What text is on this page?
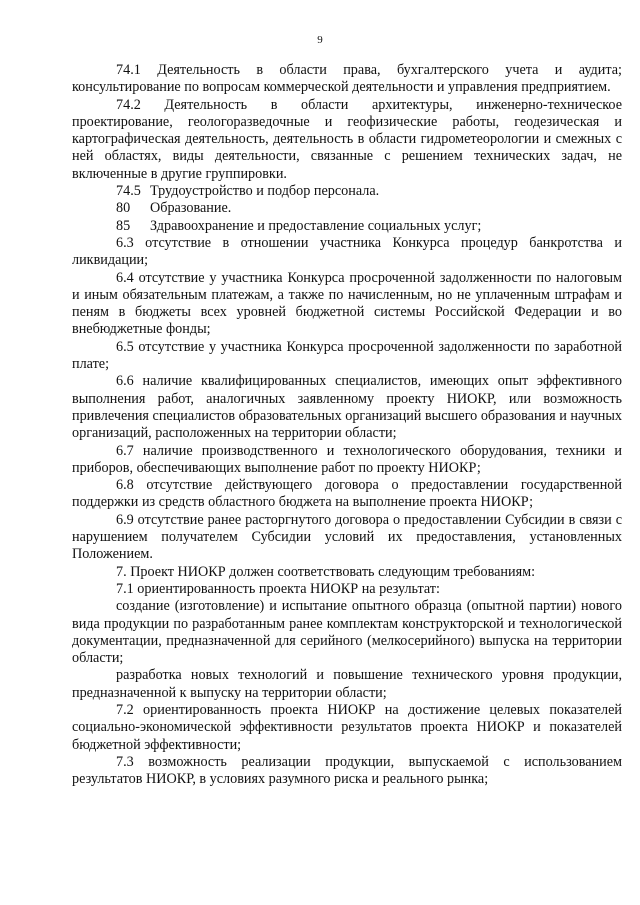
9

74.1 Деятельность в области права, бухгалтерского учета и аудита; консультирование по вопросам коммерческой деятельности и управления предприятием.

74.2 Деятельность в области архитектуры, инженерно-техническое проектирование, геологоразведочные и геофизические работы, геодезическая и картографическая деятельность, деятельность в области гидрометеорологии и смежных с ней областях, виды деятельности, связанные с решением технических задач, не включенные в другие группировки.

74.5 Трудоустройство и подбор персонала.

80 Образование.

85 Здравоохранение и предоставление социальных услуг;

6.3 отсутствие в отношении участника Конкурса процедур банкротства и ликвидации;

6.4 отсутствие у участника Конкурса просроченной задолженности по налоговым и иным обязательным платежам, а также по начисленным, но не уплаченным штрафам и пеням в бюджеты всех уровней бюджетной системы Российской Федерации и во внебюджетные фонды;

6.5 отсутствие у участника Конкурса просроченной задолженности по заработной плате;

6.6 наличие квалифицированных специалистов, имеющих опыт эффективного выполнения работ, аналогичных заявленному проекту НИОКР, или возможность привлечения специалистов образовательных организаций высшего образования и научных организаций, расположенных на территории области;

6.7 наличие производственного и технологического оборудования, техники и приборов, обеспечивающих выполнение работ по проекту НИОКР;

6.8 отсутствие действующего договора о предоставлении государственной поддержки из средств областного бюджета на выполнение проекта НИОКР;

6.9 отсутствие ранее расторгнутого договора о предоставлении Субсидии в связи с нарушением получателем Субсидии условий их предоставления, установленных Положением.

7. Проект НИОКР должен соответствовать следующим требованиям:

7.1 ориентированность проекта НИОКР на результат:

создание (изготовление) и испытание опытного образца (опытной партии) нового вида продукции по разработанным ранее комплектам конструкторской и технологической документации, предназначенной для серийного (мелкосерийного) выпуска на территории области;

разработка новых технологий и повышение технического уровня продукции, предназначенной к выпуску на территории области;

7.2 ориентированность проекта НИОКР на достижение целевых показателей социально-экономической эффективности результатов проекта НИОКР и показателей бюджетной эффективности;

7.3 возможность реализации продукции, выпускаемой с использованием результатов НИОКР, в условиях разумного риска и реального рынка;
